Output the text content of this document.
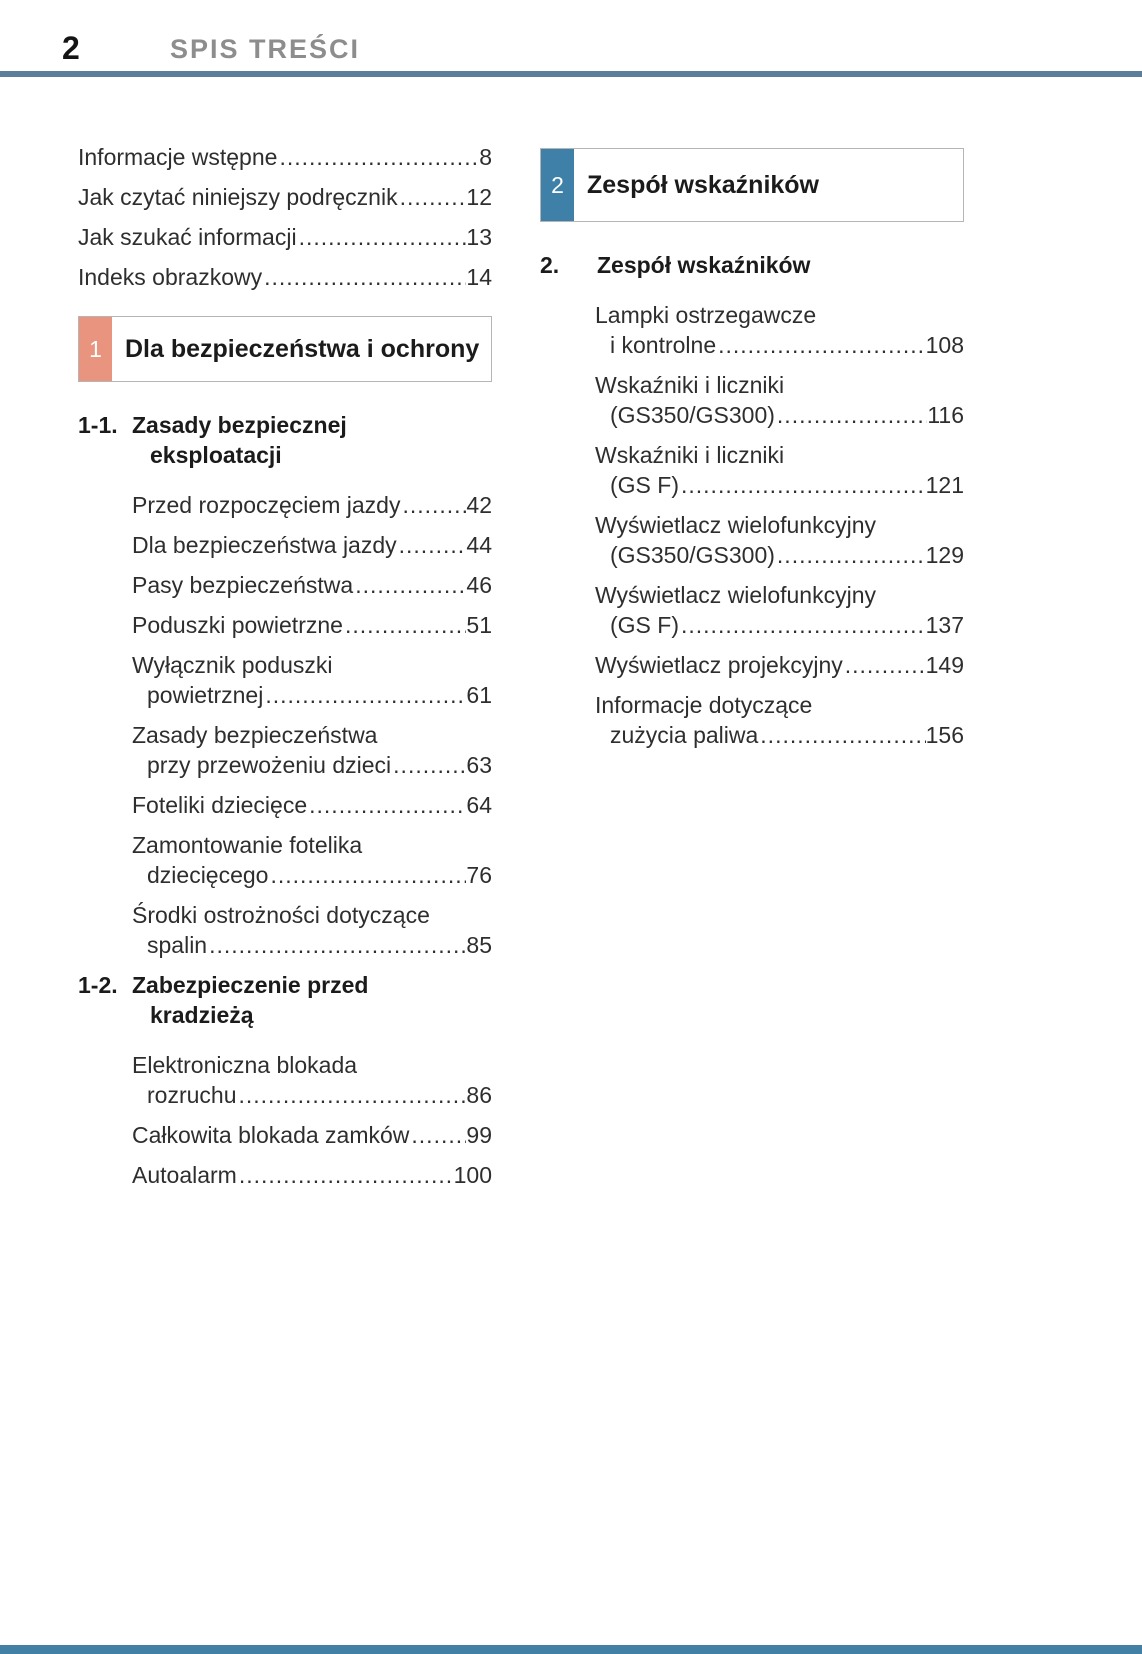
2	SPIS TREŚCI
Informacje wstępne .....	8
Jak czytać niniejszy podręcznik .....	12
Jak szukać informacji .....	13
Indeks obrazkowy .....	14
1 Dla bezpieczeństwa i ochrony
1-1. Zasady bezpiecznej
eksploatacji
Przed rozpoczęciem jazdy .....	42
Dla bezpieczeństwa jazdy .....	44
Pasy bezpieczeństwa .....	46
Poduszki powietrzne .....	51
Wyłącznik poduszki
powietrznej .....	61
Zasady bezpieczeństwa
przy przewożeniu dzieci .....	63
Foteliki dziecięce .....	64
Zamontowanie fotelika
dziecięcego .....	76
Środki ostrożności dotyczące
spalin .....	85
1-2. Zabezpieczenie przed
kradzieżą
Elektroniczna blokada
rozruchu .....	86
Całkowita blokada zamków ..... 99
Autoalarm .....	100
2 Zespół wskaźników
2.	Zespół wskaźników
Lampki ostrzegawcze
i kontrolne .....	108
Wskaźniki i liczniki
(GS350/GS300) .....	116
Wskaźniki i liczniki
(GS F) .....	121
Wyświetlacz wielofunkcyjny
(GS350/GS300) .....	129
Wyświetlacz wielofunkcyjny
(GS F) .....	137
Wyświetlacz projekcyjny .....	149
Informacje dotyczące
zużycia paliwa .....	156
